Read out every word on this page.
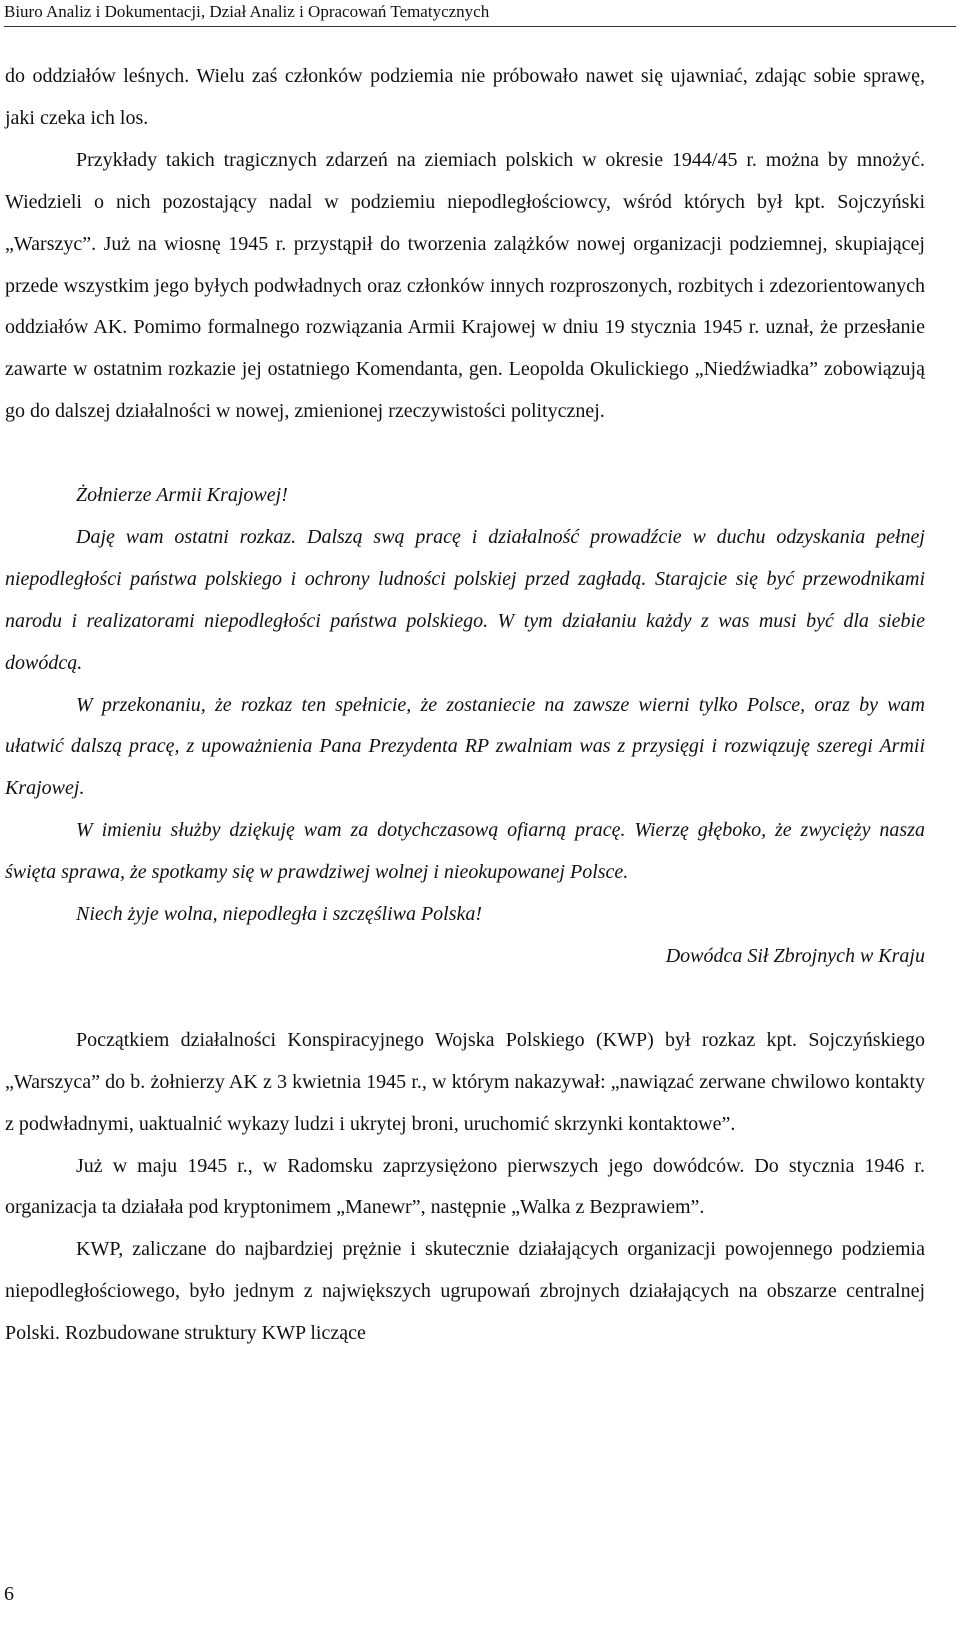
Biuro Analiz i Dokumentacji, Dział Analiz i Opracowań Tematycznych

do oddziałów leśnych. Wielu zaś członków podziemia nie próbowało nawet się ujawniać, zdając sobie sprawę, jaki czeka ich los.

Przykłady takich tragicznych zdarzeń na ziemiach polskich w okresie 1944/45 r. można by mnożyć. Wiedzieli o nich pozostający nadal w podziemiu niepodległościowcy, wśród których był kpt. Sojczyński „Warszyc”. Już na wiosnę 1945 r. przystąpił do tworzenia zalążków nowej organizacji podziemnej, skupiającej przede wszystkim jego byłych podwładnych oraz członków innych rozproszonych, rozbitych i zdezorientowanych oddziałów AK. Pomimo formalnego rozwiązania Armii Krajowej w dniu 19 stycznia 1945 r. uznał, że przesłanie zawarte w ostatnim rozkazie jej ostatniego Komendanta, gen. Leopolda Okulickiego „Niedźwiadka” zobowiązują go do dalszej działalności w nowej, zmienionej rzeczywistości politycznej.

Żołnierze Armii Krajowej!

Daję wam ostatni rozkaz. Dalszą swą pracę i działalność prowadźcie w duchu odzyskania pełnej niepodległości państwa polskiego i ochrony ludności polskiej przed zagładą. Starajcie się być przewodnikami narodu i realizatorami niepodległości państwa polskiego. W tym działaniu każdy z was musi być dla siebie dowódcą.

W przekonaniu, że rozkaz ten spełnicie, że zostaniecie na zawsze wierni tylko Polsce, oraz by wam ułatwić dalszą pracę, z upoważnienia Pana Prezydenta RP zwalniam was z przysięgi i rozwiązuję szeregi Armii Krajowej.

W imieniu służby dziękuję wam za dotychczasową ofiarną pracę. Wierzę głęboko, że zwycięży nasza święta sprawa, że spotkamy się w prawdziwej wolnej i nieokupowanej Polsce.

Niech żyje wolna, niepodległa i szczęśliwa Polska!

Dowódca Sił Zbrojnych w Kraju

Początkiem działalności Konspiracyjnego Wojska Polskiego (KWP) był rozkaz kpt. Sojczyńskiego „Warszyca” do b. żołnierzy AK z 3 kwietnia 1945 r., w którym nakazywał: „nawiązać zerwane chwilowo kontakty z podwładnymi, uaktualnić wykazy ludzi i ukrytej broni, uruchomić skrzynki kontaktowe”.

Już w maju 1945 r., w Radomsku zaprzysiężono pierwszych jego dowódców. Do stycznia 1946 r. organizacja ta działała pod kryptonimem „Manewr”, następnie „Walka z Bezprawiem”.

KWP, zaliczane do najbardziej prężnie i skutecznie działających organizacji powojennego podziemia niepodległościowego, było jednym z największych ugrupowań zbrojnych działających na obszarze centralnej Polski. Rozbudowane struktury KWP liczące

6
